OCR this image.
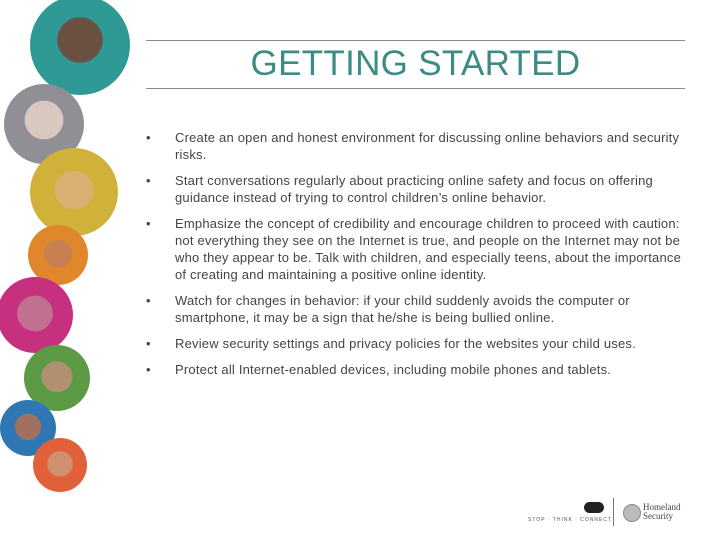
GETTING STARTED
• Create an open and honest environment for discussing online behaviors and security risks.
• Start conversations regularly about practicing online safety and focus on offering guidance instead of trying to control children’s online behavior.
• Emphasize the concept of credibility and encourage children to proceed with caution: not everything they see on the Internet is true, and people on the Internet may not be who they appear to be. Talk with children, and especially teens, about the importance of creating and maintaining a positive online identity.
• Watch for changes in behavior: if your child suddenly avoids the computer or smartphone, it may be a sign that he/she is being bullied online.
• Review security settings and privacy policies for the websites your child uses.
• Protect all Internet-enabled devices, including mobile phones and tablets.
STOP · THINK · CONNECT
Homeland
Security
